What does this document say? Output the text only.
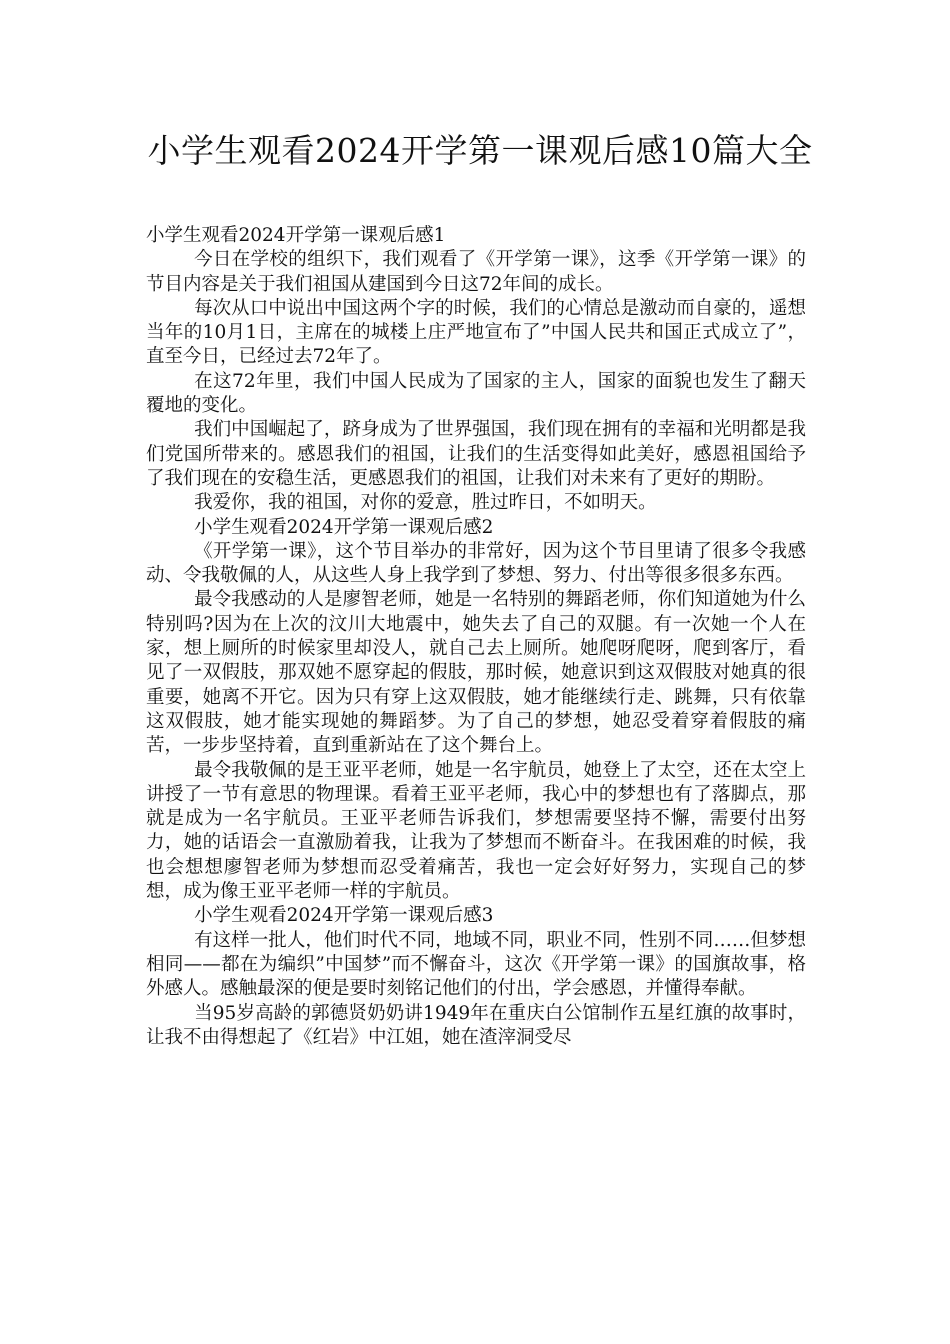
小学生观看2024开学第一课观后感10篇大全

小学生观看2024开学第一课观后感1

今日在学校的组织下，我们观看了《开学第一课》，这季《开学第一课》的节目内容是关于我们祖国从建国到今日这72年间的成长。

每次从口中说出中国这两个字的时候，我们的心情总是激动而自豪的，遥想当年的10月1日，主席在的城楼上庄严地宣布了”中国人民共和国正式成立了”，直至今日，已经过去72年了。

在这72年里，我们中国人民成为了国家的主人，国家的面貌也发生了翻天覆地的变化。

我们中国崛起了，跻身成为了世界强国，我们现在拥有的幸福和光明都是我们党国所带来的。感恩我们的祖国，让我们的生活变得如此美好，感恩祖国给予了我们现在的安稳生活，更感恩我们的祖国，让我们对未来有了更好的期盼。

我爱你，我的祖国，对你的爱意，胜过昨日，不如明天。

小学生观看2024开学第一课观后感2

《开学第一课》，这个节目举办的非常好，因为这个节目里请了很多令我感动、令我敬佩的人，从这些人身上我学到了梦想、努力、付出等很多很多东西。

最令我感动的人是廖智老师，她是一名特别的舞蹈老师，你们知道她为什么特别吗?因为在上次的汶川大地震中，她失去了自己的双腿。有一次她一个人在家，想上厕所的时候家里却没人，就自己去上厕所。她爬呀爬呀，爬到客厅，看见了一双假肢，那双她不愿穿起的假肢，那时候，她意识到这双假肢对她真的很重要，她离不开它。因为只有穿上这双假肢，她才能继续行走、跳舞，只有依靠这双假肢，她才能实现她的舞蹈梦。为了自己的梦想，她忍受着穿着假肢的痛苦，一步步坚持着，直到重新站在了这个舞台上。

最令我敬佩的是王亚平老师，她是一名宇航员，她登上了太空，还在太空上讲授了一节有意思的物理课。看着王亚平老师，我心中的梦想也有了落脚点，那就是成为一名宇航员。王亚平老师告诉我们，梦想需要坚持不懈，需要付出努力，她的话语会一直激励着我，让我为了梦想而不断奋斗。在我困难的时候，我也会想想廖智老师为梦想而忍受着痛苦，我也一定会好好努力，实现自己的梦想，成为像王亚平老师一样的宇航员。

小学生观看2024开学第一课观后感3

有这样一批人，他们时代不同，地域不同，职业不同，性别不同……但梦想相同——都在为编织”中国梦”而不懈奋斗，这次《开学第一课》的国旗故事，格外感人。感触最深的便是要时刻铭记他们的付出，学会感恩，并懂得奉献。

当95岁高龄的郭德贤奶奶讲1949年在重庆白公馆制作五星红旗的故事时，让我不由得想起了《红岩》中江姐，她在渣滓洞受尽
